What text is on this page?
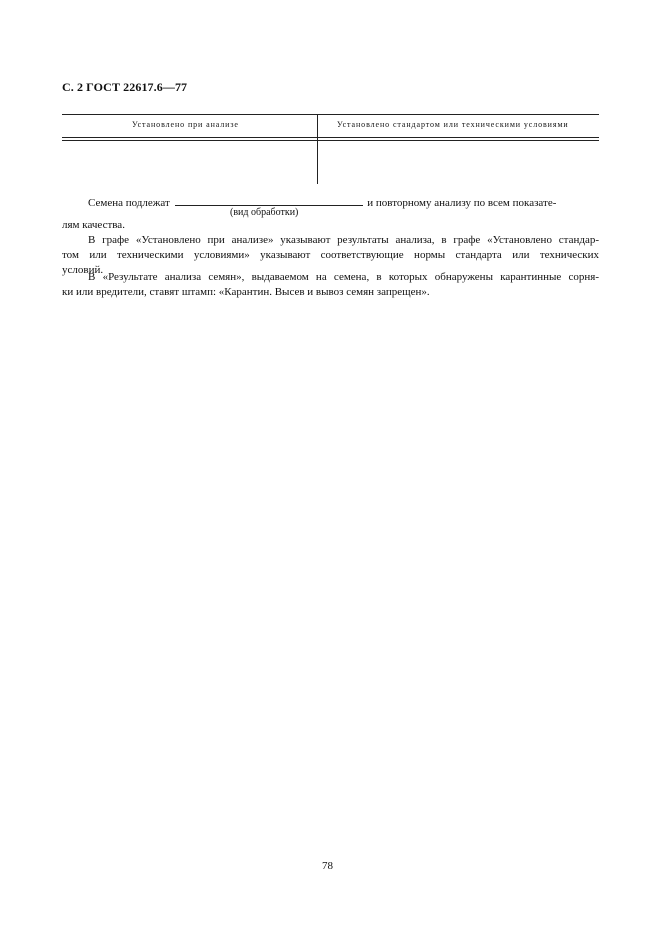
С. 2 ГОСТ 22617.6—77
Установлено при анализе	Установлено стандартом или техническими условиями
Семена подлежат	и повторному анализу по всем показате-
(вид обработки)
лям качества.
В графе «Установлено при анализе» указывают результаты анализа, в графе «Установлено стандар-
том или техническими условиями» указывают соответствующие нормы стандарта или технических
условий.
В «Результате анализа семян», выдаваемом на семена, в которых обнаружены карантинные сорня-
ки или вредители, ставят штамп: «Карантин. Высев и вывоз семян запрещен».
78
